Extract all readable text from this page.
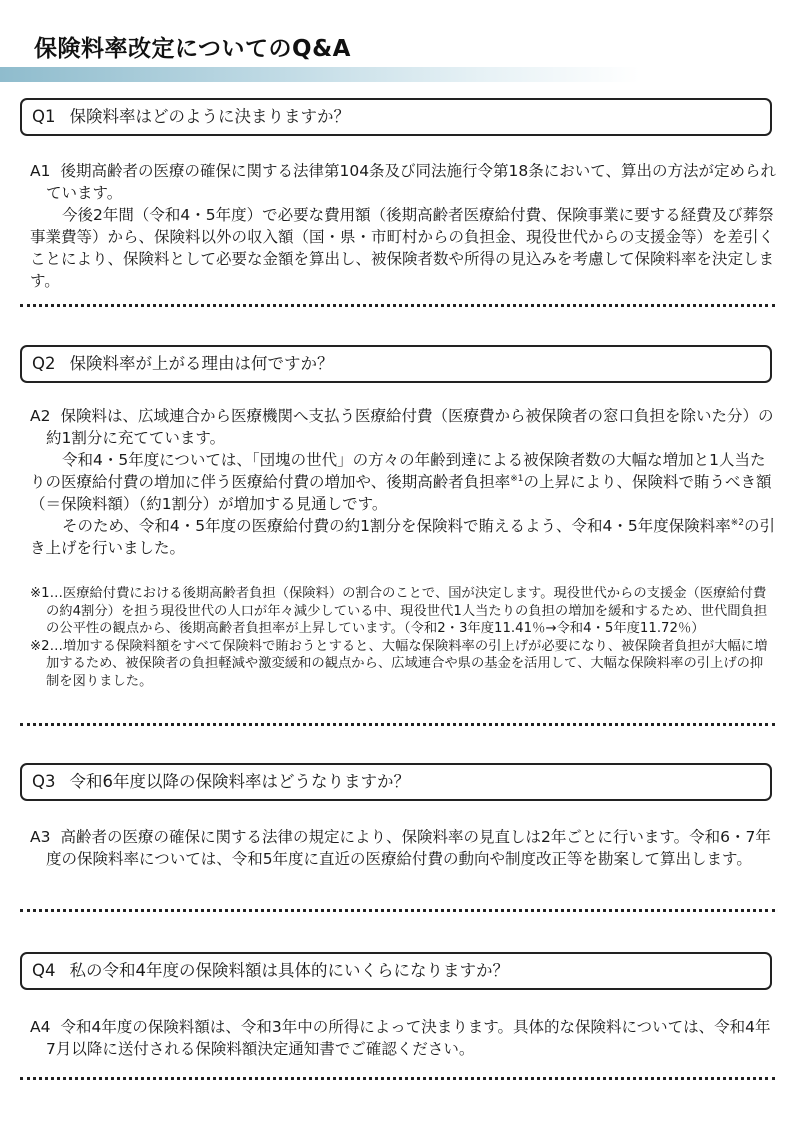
保険料率改定についてのQ&A
Q1 保険料率はどのように決まりますか？

A1 後期高齢者の医療の確保に関する法律第104条及び同法施行令第18条において、算出の方法が定められています。

今後2年間（令和4・5年度）で必要な費用額（後期高齢者医療給付費、保険事業に要する経費及び葬祭事業費等）から、保険料以外の収入額（国・県・市町村からの負担金、現役世代からの支援金等）を差引くことにより、保険料として必要な金額を算出し、被保険者数や所得の見込みを考慮して保険料率を決定します。

Q2 保険料率が上がる理由は何ですか？

A2 保険料は、広域連合から医療機関へ支払う医療給付費（医療費から被保険者の窓口負担を除いた分）の約1割分に充てています。

令和4・5年度については、「団塊の世代」の方々の年齢到達による被保険者数の大幅な増加と1人当たりの医療給付費の増加に伴う医療給付費の増加や、後期高齢者負担率$^{※1}$の上昇により、保険料で賄うべき額（＝保険料額）（約1割分）が増加する見通しです。

そのため、令和4・5年度の医療給付費の約1割分を保険料で賄えるよう、令和4・5年度保険料率$^{※2}$の引き上げを行いました。

※1…医療給付費における後期高齢者負担（保険料）の割合のことで、国が決定します。現役世代からの支援金（医療給付費の約4割分）を担う現役世代の人口が年々減少している中、現役世代1人当たりの負担の増加を緩和するため、世代間負担の公平性の観点から、後期高齢者負担率が上昇しています。（令和2・3年度11.41％→令和4・5年度11.72％）

※2…増加する保険料額をすべて保険料で賄おうとすると、大幅な保険料率の引上げが必要になり、被保険者負担が大幅に増加するため、被保険者の負担軽減や激変緩和の観点から、広域連合や県の基金を活用して、大幅な保険料率の引上げの抑制を図りました。

Q3 令和6年度以降の保険料率はどうなりますか？

A3 高齢者の医療の確保に関する法律の規定により、保険料率の見直しは2年ごとに行います。令和6・7年度の保険料率については、令和5年度に直近の医療給付費の動向や制度改正等を勘案して算出します。

Q4 私の令和4年度の保険料額は具体的にいくらになりますか？

A4 令和4年度の保険料額は、令和3年中の所得によって決まります。具体的な保険料については、令和4年7月以降に送付される保険料額決定通知書でご確認ください。
